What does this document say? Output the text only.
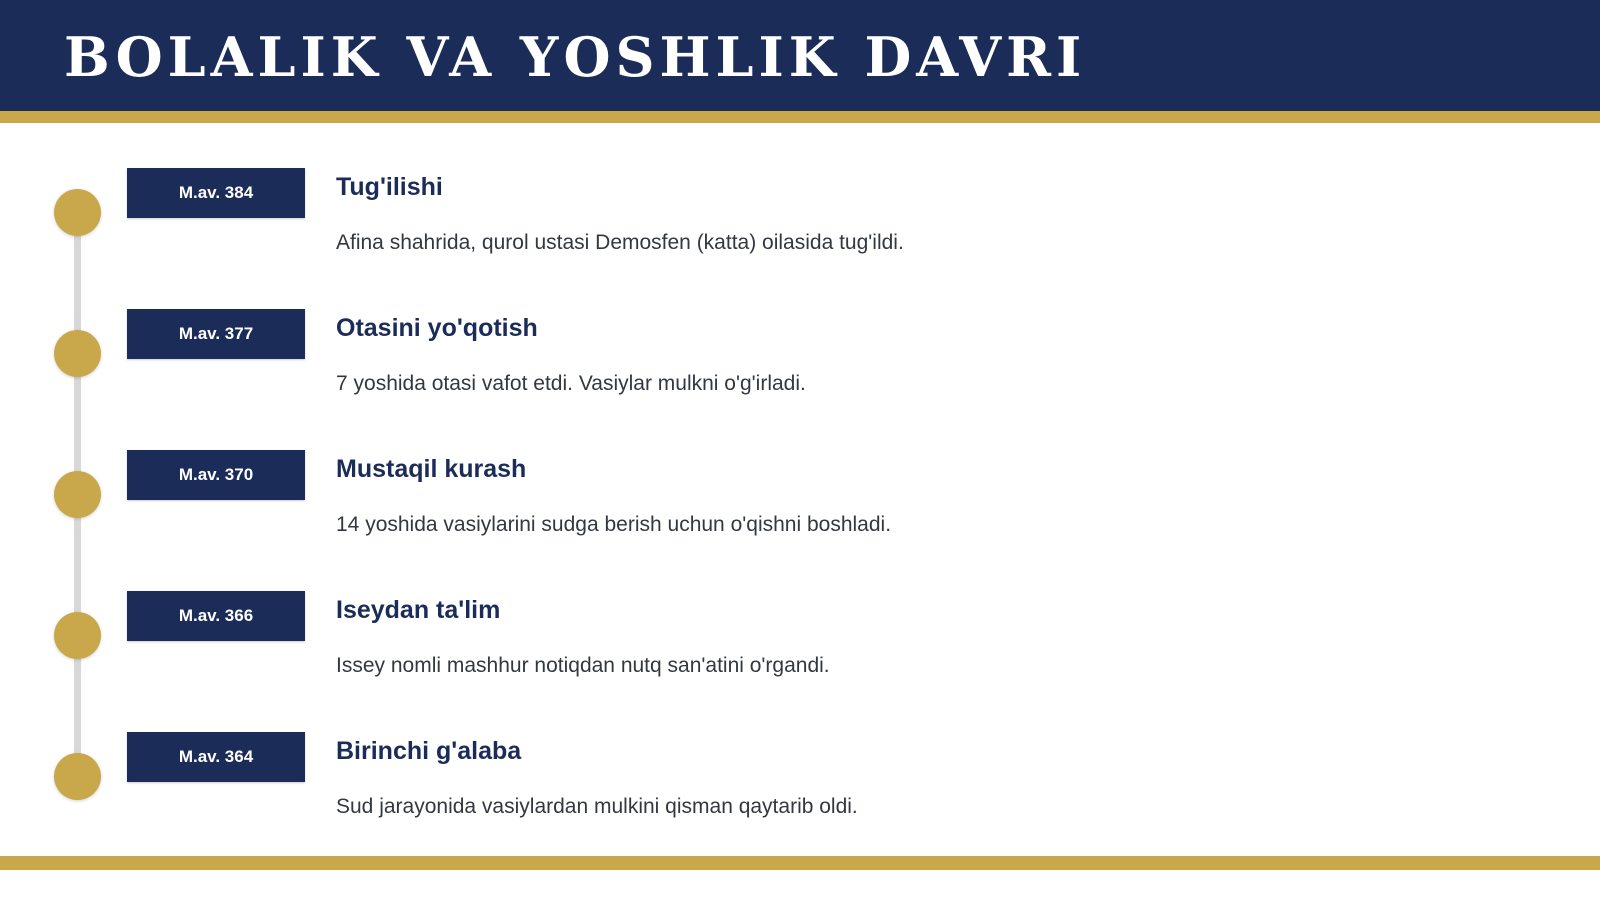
BOLALIK VA YOSHLIK DAVRI
M.av. 384	Tug'ilishi

Afina shahrida, qurol ustasi Demosfen (katta) oilasida tug'ildi.

M.av. 377	Otasini yo'qotish

7 yoshida otasi vafot etdi. Vasiylar mulkni o'g'irladi.

M.av. 370	Mustaqil kurash

14 yoshida vasiylarini sudga berish uchun o'qishni boshladi.

M.av. 366	Iseydan ta'lim

Issey nomli mashhur notiqdan nutq san'atini o'rgandi.

M.av. 364	Birinchi g'alaba

Sud jarayonida vasiylardan mulkini qisman qaytarib oldi.
